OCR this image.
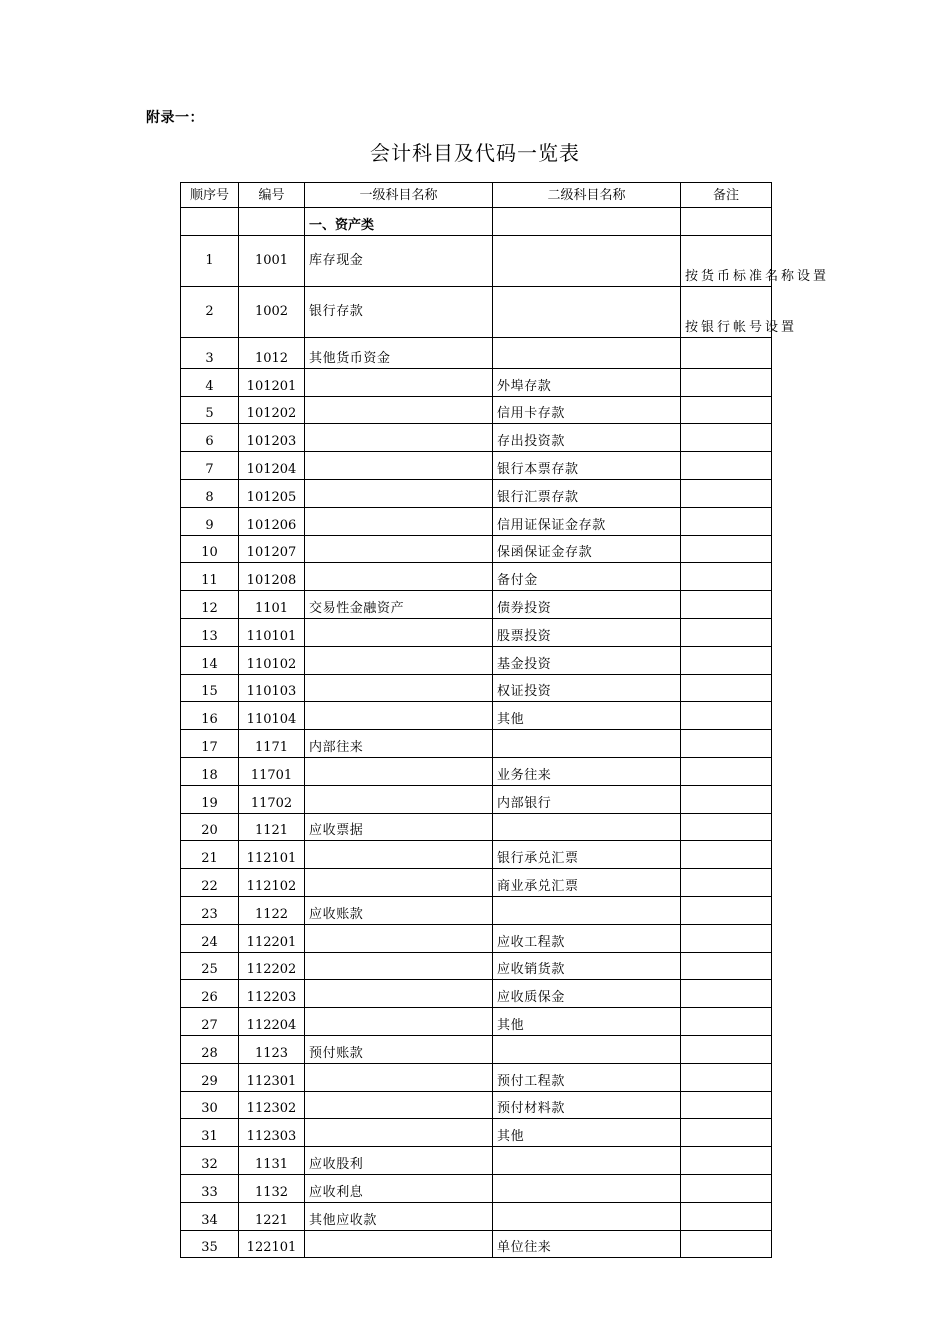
附录一：
会计科目及代码一览表
顺序号	编号	一级科目名称	二级科目名称	备注
		一、资产类		
1	1001	库存现金		按货币标准名称设置
2	1002	银行存款		按银行帐号设置
3	1012	其他货币资金		
4	101201		外埠存款	
5	101202		信用卡存款	
6	101203		存出投资款	
7	101204		银行本票存款	
8	101205		银行汇票存款	
9	101206		信用证保证金存款	
10	101207		保函保证金存款	
11	101208		备付金	
12	1101	交易性金融资产	债券投资	
13	110101		股票投资	
14	110102		基金投资	
15	110103		权证投资	
16	110104		其他	
17	1171	内部往来		
18	11701		业务往来	
19	11702		内部银行	
20	1121	应收票据		
21	112101		银行承兑汇票	
22	112102		商业承兑汇票	
23	1122	应收账款		
24	112201		应收工程款	
25	112202		应收销货款	
26	112203		应收质保金	
27	112204		其他	
28	1123	预付账款		
29	112301		预付工程款	
30	112302		预付材料款	
31	112303		其他	
32	1131	应收股利		
33	1132	应收利息		
34	1221	其他应收款		
35	122101		单位往来	
